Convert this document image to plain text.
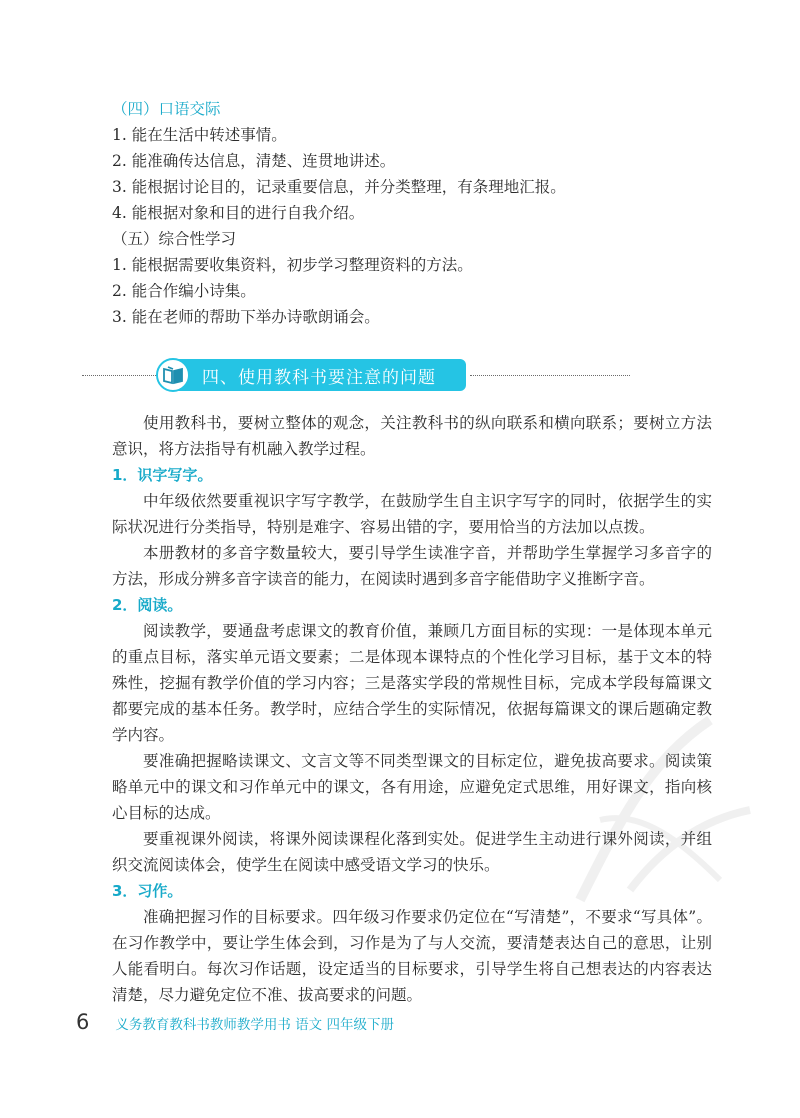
（四）口语交际

1. 能在生活中转述事情。

2. 能准确传达信息，清楚、连贯地讲述。

3. 能根据讨论目的，记录重要信息，并分类整理，有条理地汇报。

4. 能根据对象和目的进行自我介绍。

（五）综合性学习

1. 能根据需要收集资料，初步学习整理资料的方法。

2. 能合作编小诗集。

3. 能在老师的帮助下举办诗歌朗诵会。

四、使用教科书要注意的问题

使用教科书，要树立整体的观念，关注教科书的纵向联系和横向联系；要树立方法意识，将方法指导有机融入教学过程。

1．识字写字。

中年级依然要重视识字写字教学，在鼓励学生自主识字写字的同时，依据学生的实际状况进行分类指导，特别是难字、容易出错的字，要用恰当的方法加以点拨。

本册教材的多音字数量较大，要引导学生读准字音，并帮助学生掌握学习多音字的方法，形成分辨多音字读音的能力，在阅读时遇到多音字能借助字义推断字音。

2．阅读。

阅读教学，要通盘考虑课文的教育价值，兼顾几方面目标的实现：一是体现本单元的重点目标，落实单元语文要素；二是体现本课特点的个性化学习目标，基于文本的特殊性，挖掘有教学价值的学习内容；三是落实学段的常规性目标，完成本学段每篇课文都要完成的基本任务。教学时，应结合学生的实际情况，依据每篇课文的课后题确定教学内容。

要准确把握略读课文、文言文等不同类型课文的目标定位，避免拔高要求。阅读策略单元中的课文和习作单元中的课文，各有用途，应避免定式思维，用好课文，指向核心目标的达成。

要重视课外阅读，将课外阅读课程化落到实处。促进学生主动进行课外阅读，并组织交流阅读体会，使学生在阅读中感受语文学习的快乐。

3．习作。

准确把握习作的目标要求。四年级习作要求仍定位在“写清楚”，不要求“写具体”。在习作教学中，要让学生体会到，习作是为了与人交流，要清楚表达自己的意思，让别人能看明白。每次习作话题，设定适当的目标要求，引导学生将自己想表达的内容表达清楚，尽力避免定位不准、拔高要求的问题。

6 义务教育教科书教师教学用书 语文 四年级下册
